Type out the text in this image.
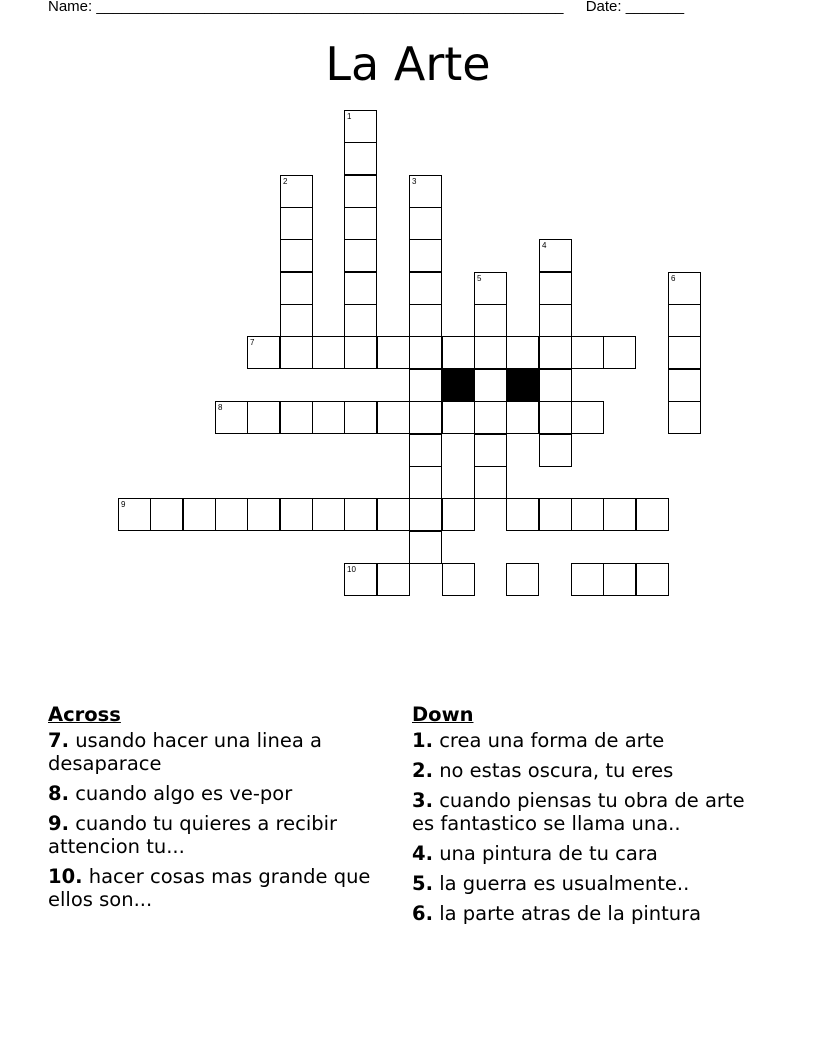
Name: ________________________________________________________ Date: _______
La Arte
1
2	3
4
5	6
7
8
9
10
Across
7. usando hacer una linea a desaparace
8. cuando algo es ve-por
9. cuando tu quieres a recibir attencion tu...
10. hacer cosas mas grande que ellos son...
Down
1. crea una forma de arte
2. no estas oscura, tu eres
3. cuando piensas tu obra de arte es fantastico se llama una..
4. una pintura de tu cara
5. la guerra es usualmente..
6. la parte atras de la pintura
